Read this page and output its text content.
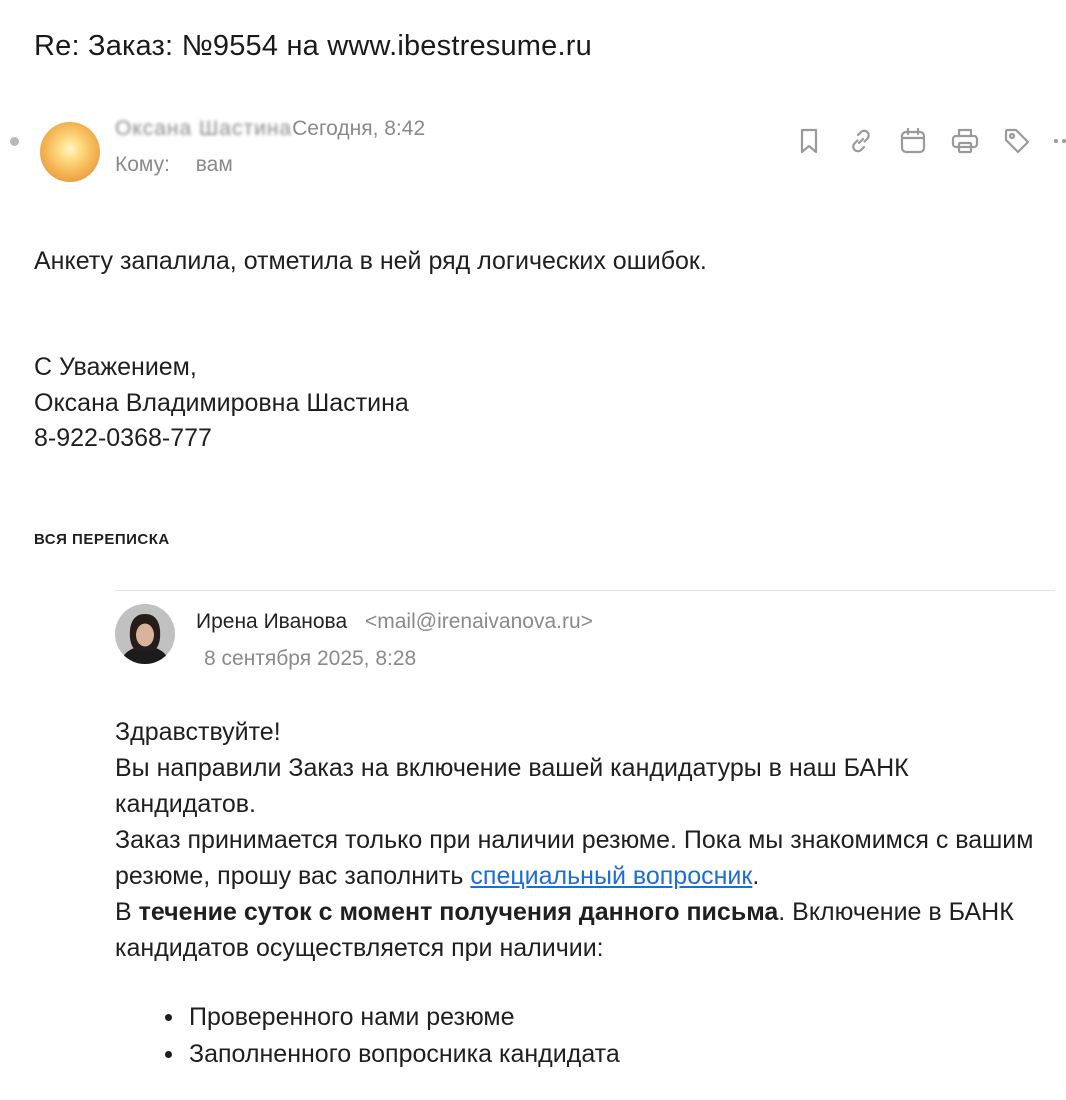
Re: Заказ: №9554 на www.ibestresume.ru
Оксана Шастина Сегодня, 8:42
Кому: вам
Анкету запалила, отметила в ней ряд логических ошибок.
С Уважением,
Оксана Владимировна Шастина
8-922-0368-777
ВСЯ ПЕРЕПИСКА
Ирена Иванова <mail@irenaivanova.ru>
8 сентября 2025, 8:28

Здравствуйте!

Вы направили Заказ на включение вашей кандидатуры в наш БАНК кандидатов.

Заказ принимается только при наличии резюме. Пока мы знакомимся с вашим резюме, прошу вас заполнить специальный вопросник.

В течение суток с момент получения данного письма. Включение в БАНК кандидатов осуществляется при наличии:

Проверенного нами резюме
Заполненного вопросника кандидата
